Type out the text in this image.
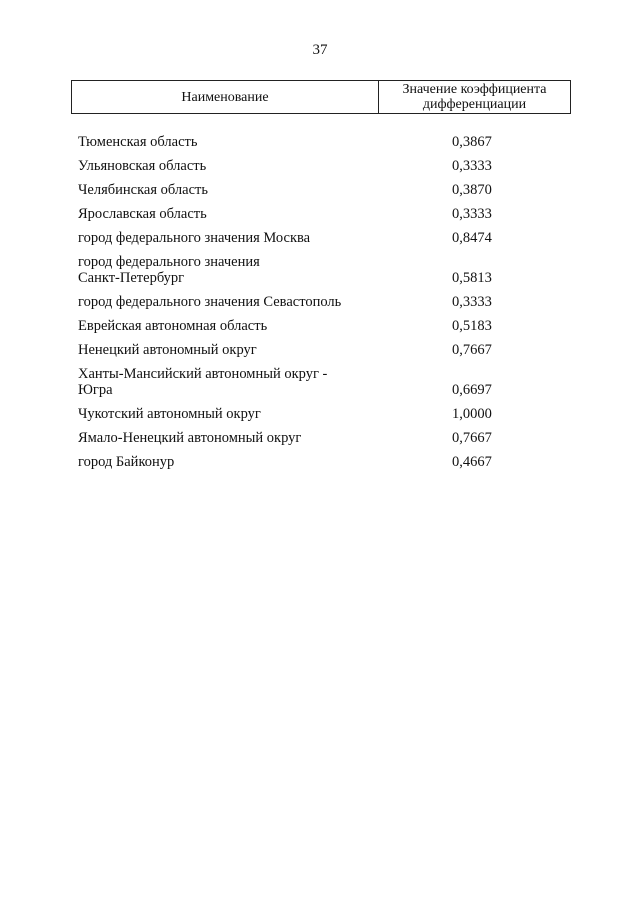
37
Наименование	Значение коэффициента
дифференциации
Тюменская область	0,3867
Ульяновская область	0,3333
Челябинская область	0,3870
Ярославская область	0,3333
город федерального значения Москва	0,8474
город федерального значения
Санкт-Петербург	0,5813
город федерального значения Севастополь	0,3333
Еврейская автономная область	0,5183
Ненецкий автономный округ	0,7667
Ханты-Мансийский автономный округ -
Югра	0,6697
Чукотский автономный округ	1,0000
Ямало-Ненецкий автономный округ	0,7667
город Байконур	0,4667
